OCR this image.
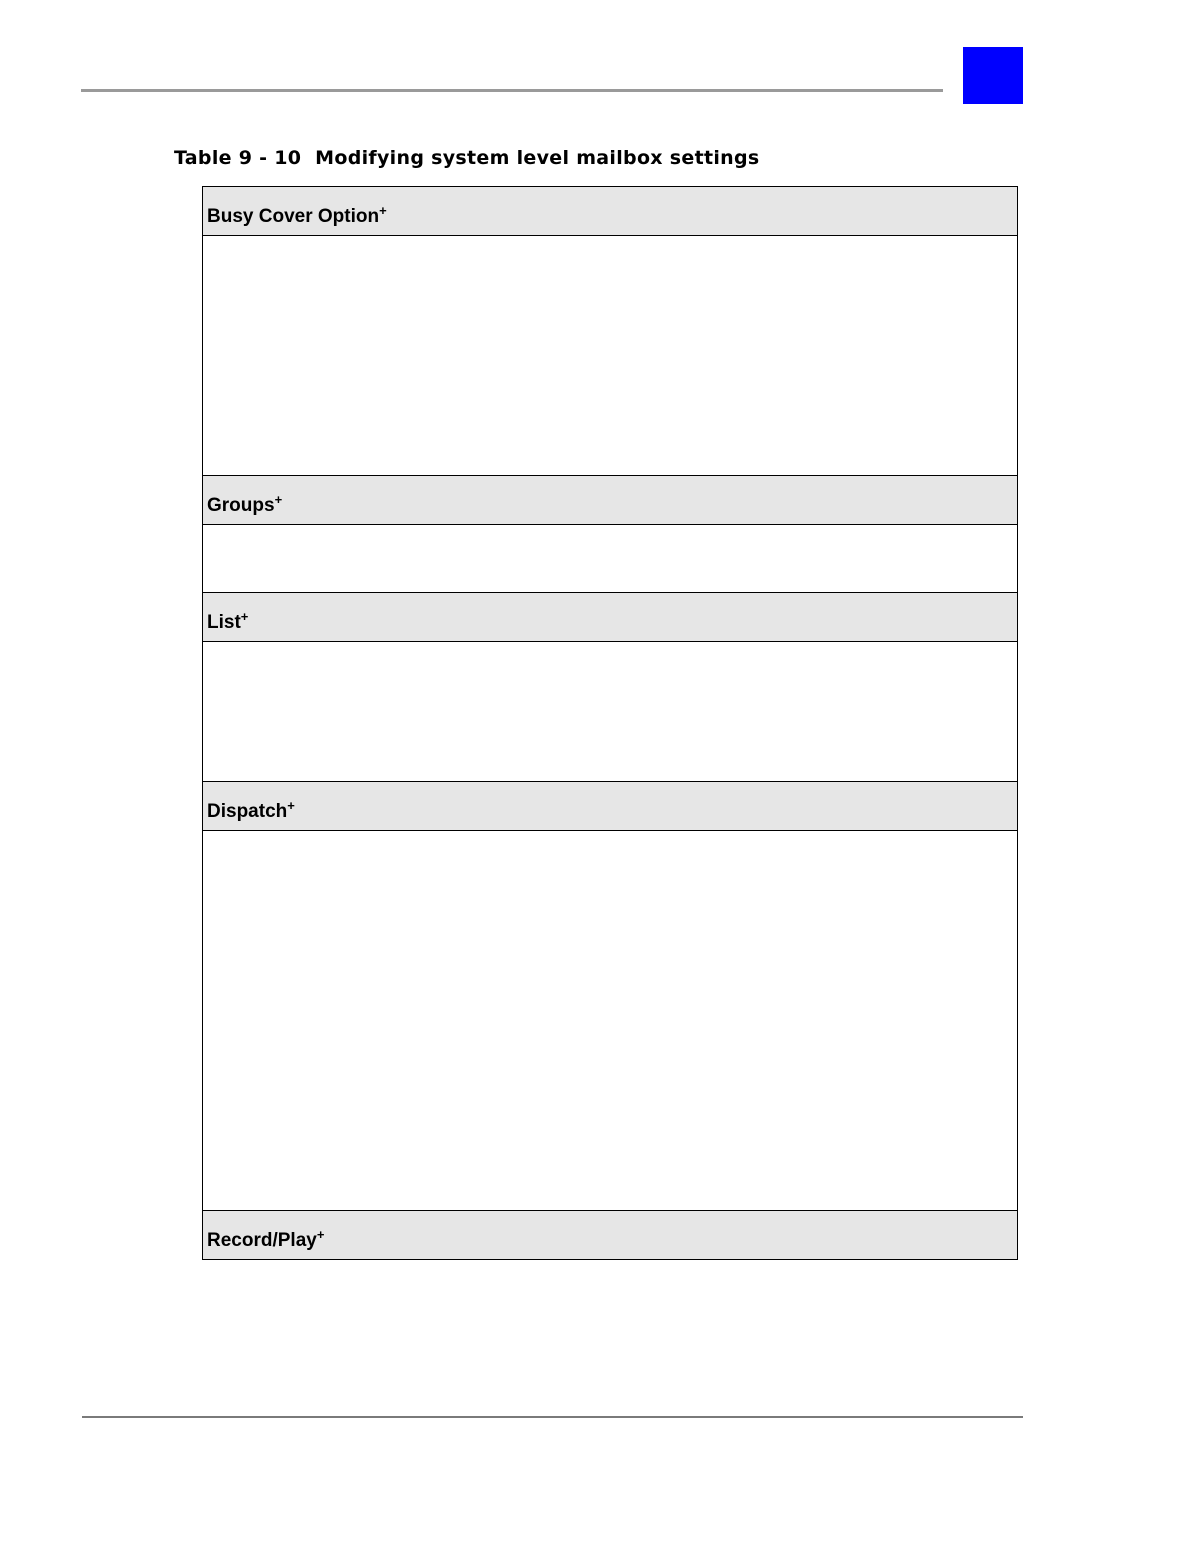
Table 9 - 10  Modifying system level mailbox settings
Busy Cover Option+

Groups+

List+

Dispatch+

Record/Play+
